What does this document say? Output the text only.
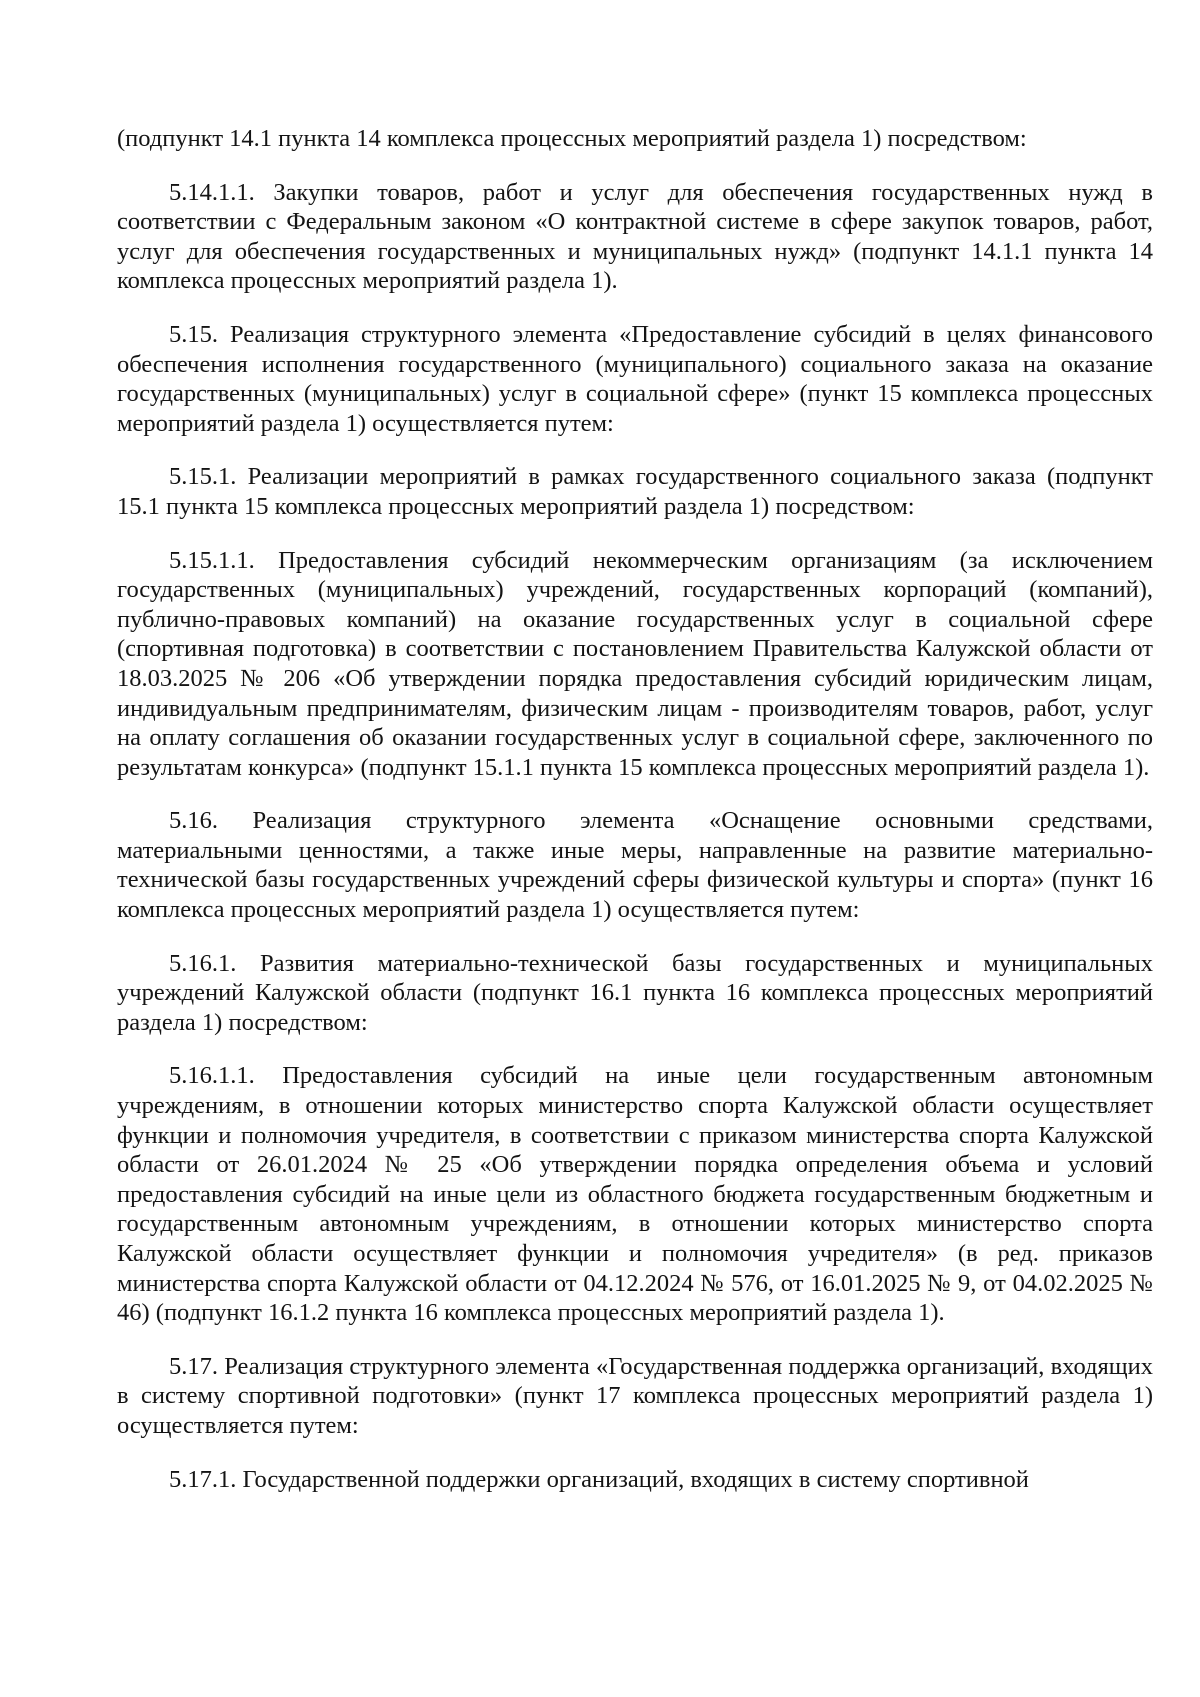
(подпункт 14.1 пункта 14 комплекса процессных мероприятий раздела 1) посредством:

5.14.1.1. Закупки товаров, работ и услуг для обеспечения государственных нужд в соответствии с Федеральным законом «О контрактной системе в сфере закупок товаров, работ, услуг для обеспечения государственных и муниципальных нужд» (подпункт 14.1.1 пункта 14 комплекса процессных мероприятий раздела 1).

5.15. Реализация структурного элемента «Предоставление субсидий в целях финансового обеспечения исполнения государственного (муниципального) социального заказа на оказание государственных (муниципальных) услуг в социальной сфере» (пункт 15 комплекса процессных мероприятий раздела 1) осуществляется путем:

5.15.1. Реализации мероприятий в рамках государственного социального заказа (подпункт 15.1 пункта 15 комплекса процессных мероприятий раздела 1) посредством:

5.15.1.1. Предоставления субсидий некоммерческим организациям (за исключением государственных (муниципальных) учреждений, государственных корпораций (компаний), публично-правовых компаний) на оказание государственных услуг в социальной сфере (спортивная подготовка) в соответствии с постановлением Правительства Калужской области от 18.03.2025 № 206 «Об утверждении порядка предоставления субсидий юридическим лицам, индивидуальным предпринимателям, физическим лицам - производителям товаров, работ, услуг на оплату соглашения об оказании государственных услуг в социальной сфере, заключенного по результатам конкурса» (подпункт 15.1.1 пункта 15 комплекса процессных мероприятий раздела 1).

5.16. Реализация структурного элемента «Оснащение основными средствами, материальными ценностями, а также иные меры, направленные на развитие материально-технической базы государственных учреждений сферы физической культуры и спорта» (пункт 16 комплекса процессных мероприятий раздела 1) осуществляется путем:

5.16.1. Развития материально-технической базы государственных и муниципальных учреждений Калужской области (подпункт 16.1 пункта 16 комплекса процессных мероприятий раздела 1) посредством:

5.16.1.1. Предоставления субсидий на иные цели государственным автономным учреждениям, в отношении которых министерство спорта Калужской области осуществляет функции и полномочия учредителя, в соответствии с приказом министерства спорта Калужской области от 26.01.2024 № 25 «Об утверждении порядка определения объема и условий предоставления субсидий на иные цели из областного бюджета государственным бюджетным и государственным автономным учреждениям, в отношении которых министерство спорта Калужской области осуществляет функции и полномочия учредителя» (в ред. приказов министерства спорта Калужской области от 04.12.2024 № 576, от 16.01.2025 № 9, от 04.02.2025 № 46) (подпункт 16.1.2 пункта 16 комплекса процессных мероприятий раздела 1).

5.17. Реализация структурного элемента «Государственная поддержка организаций, входящих в систему спортивной подготовки» (пункт 17 комплекса процессных мероприятий раздела 1) осуществляется путем:

5.17.1. Государственной поддержки организаций, входящих в систему спортивной
